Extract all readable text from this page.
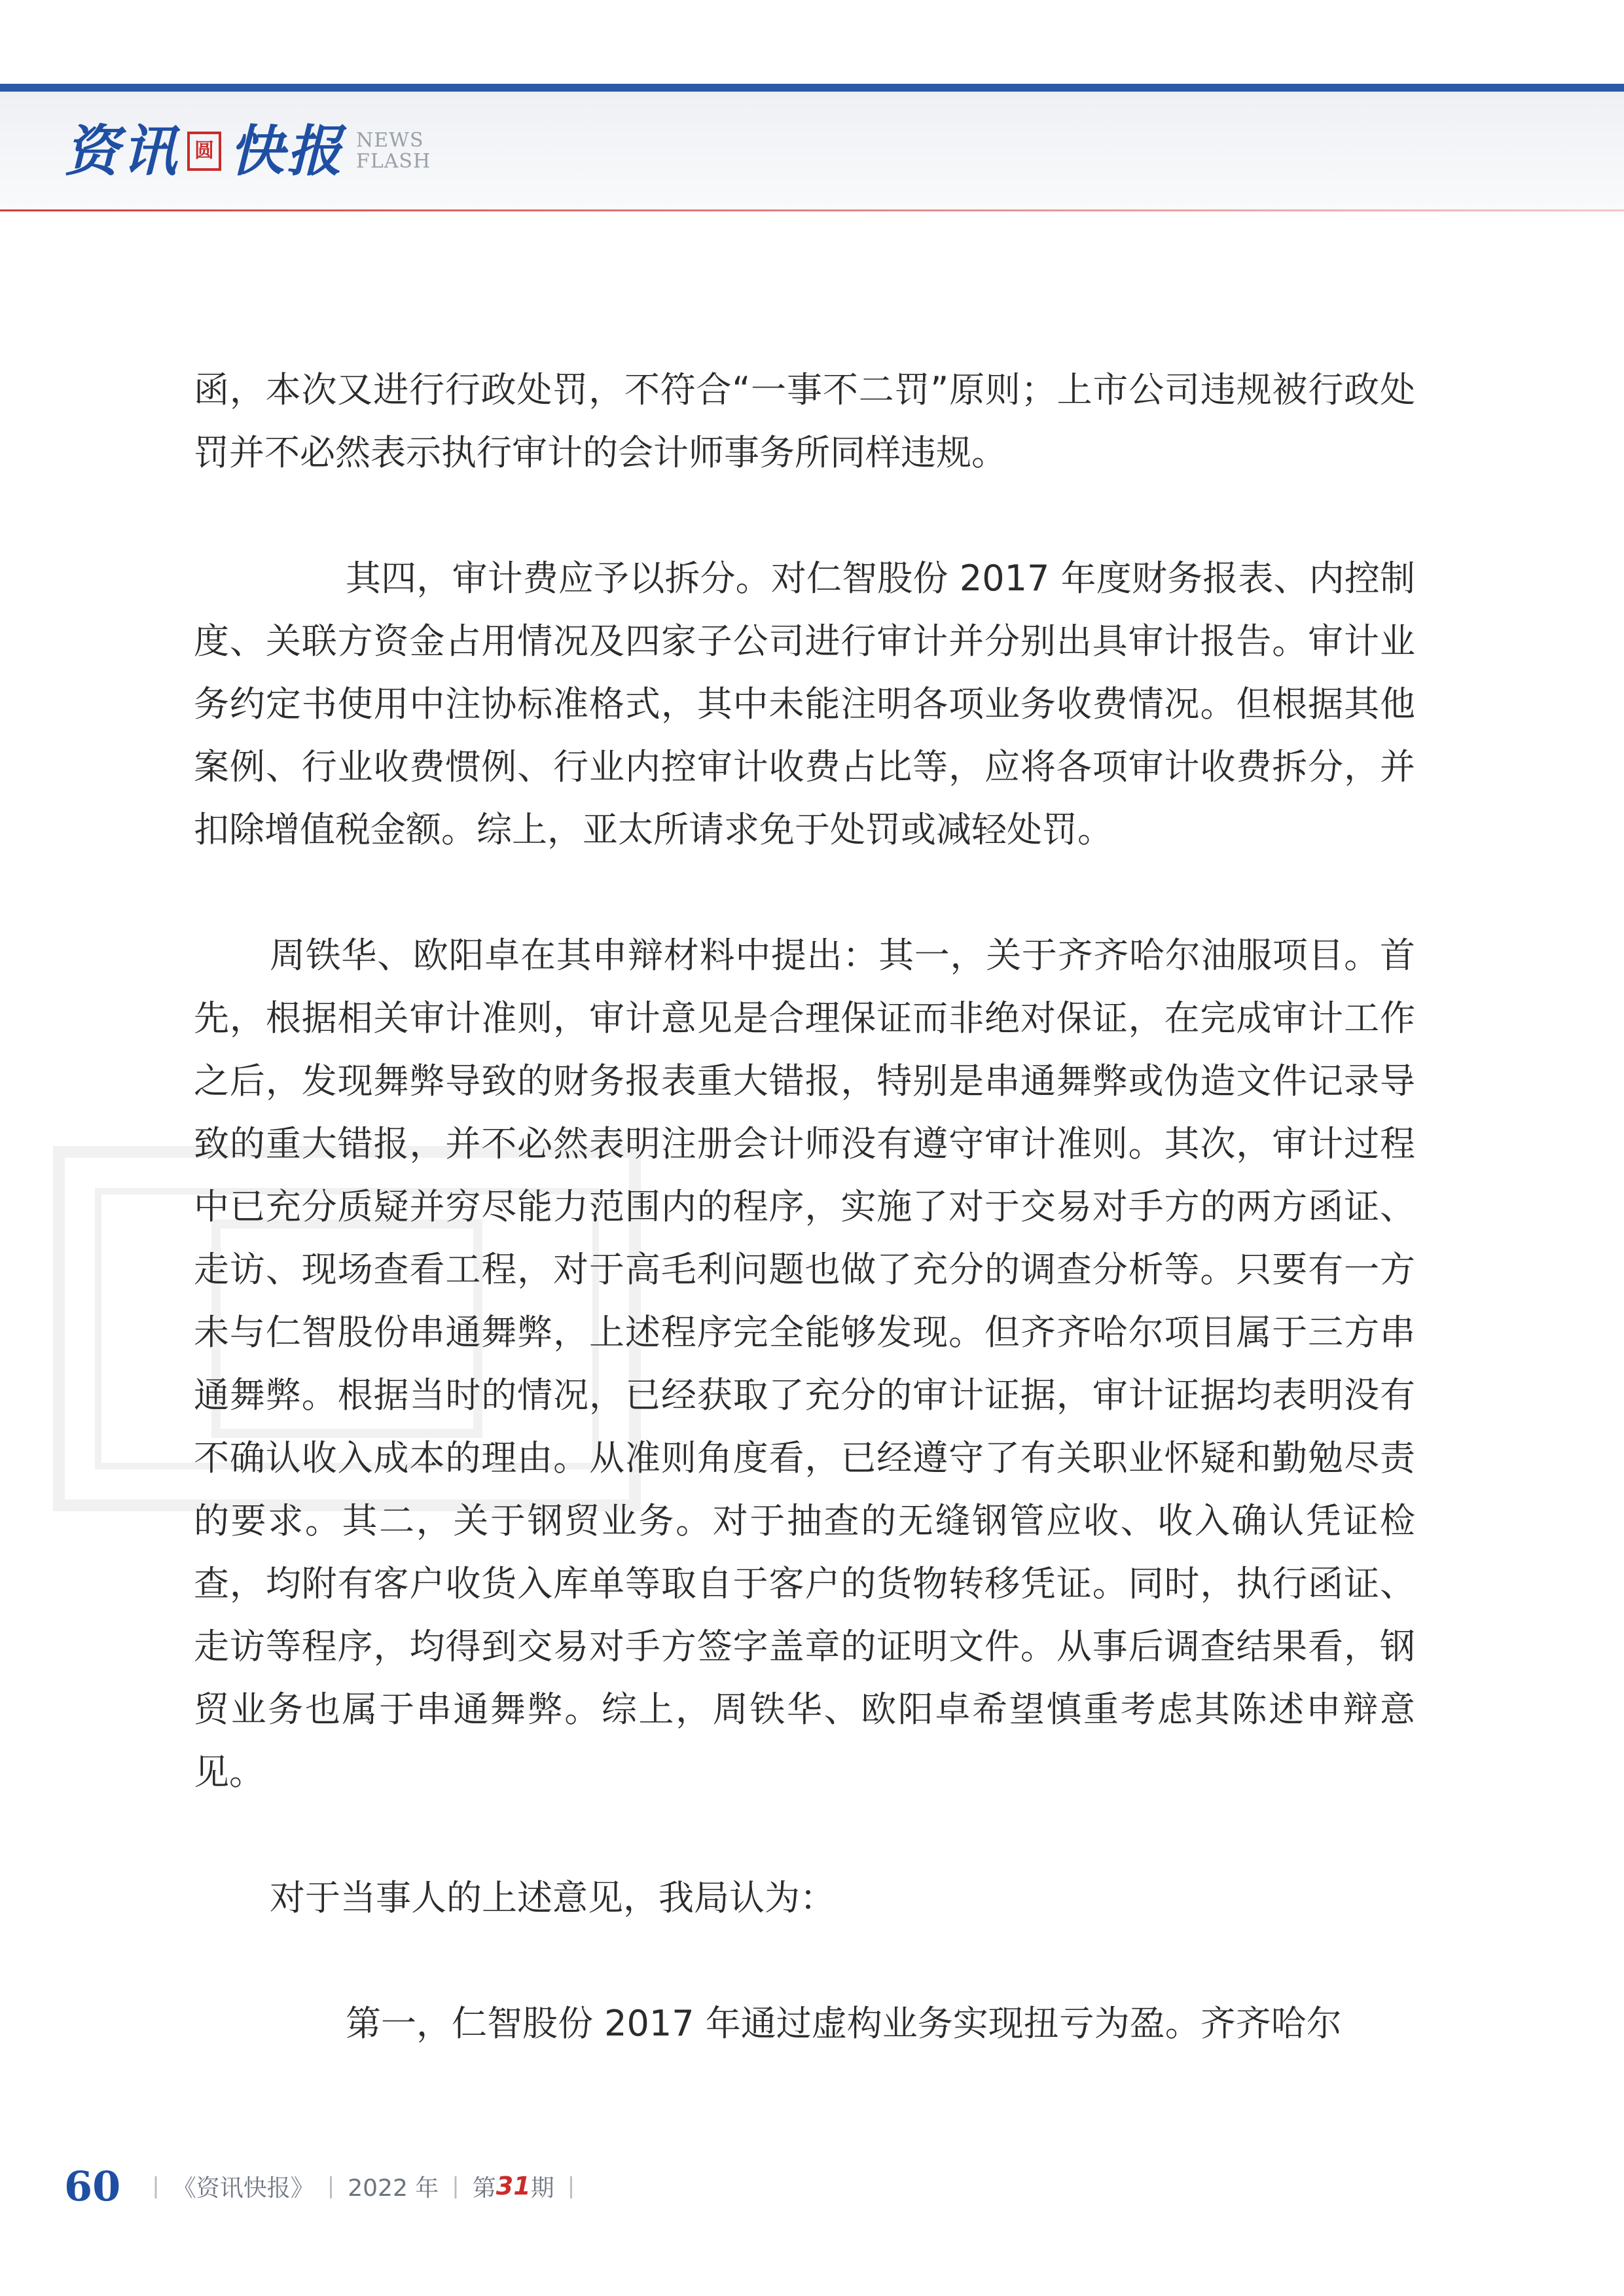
资讯 圆 快报 NEWS
FLASH

函，本次又进行行政处罚，不符合“一事不二罚”原则；上市公司违规被行政处罚并不必然表示执行审计的会计师事务所同样违规。

其四，审计费应予以拆分。对仁智股份 2017 年度财务报表、内控制度、关联方资金占用情况及四家子公司进行审计并分别出具审计报告。审计业务约定书使用中注协标准格式，其中未能注明各项业务收费情况。但根据其他案例、行业收费惯例、行业内控审计收费占比等，应将各项审计收费拆分，并扣除增值税金额。综上，亚太所请求免于处罚或减轻处罚。

周铁华、欧阳卓在其申辩材料中提出：其一，关于齐齐哈尔油服项目。首先，根据相关审计准则，审计意见是合理保证而非绝对保证，在完成审计工作之后，发现舞弊导致的财务报表重大错报，特别是串通舞弊或伪造文件记录导致的重大错报，并不必然表明注册会计师没有遵守审计准则。其次，审计过程中已充分质疑并穷尽能力范围内的程序，实施了对于交易对手方的两方函证、走访、现场查看工程，对于高毛利问题也做了充分的调查分析等。只要有一方未与仁智股份串通舞弊，上述程序完全能够发现。但齐齐哈尔项目属于三方串通舞弊。根据当时的情况，已经获取了充分的审计证据，审计证据均表明没有不确认收入成本的理由。从准则角度看，已经遵守了有关职业怀疑和勤勉尽责的要求。其二，关于钢贸业务。对于抽查的无缝钢管应收、收入确认凭证检查，均附有客户收货入库单等取自于客户的货物转移凭证。同时，执行函证、走访等程序，均得到交易对手方签字盖章的证明文件。从事后调查结果看，钢贸业务也属于串通舞弊。综上，周铁华、欧阳卓希望慎重考虑其陈述申辩意见。

对于当事人的上述意见，我局认为：

第一，仁智股份 2017 年通过虚构业务实现扭亏为盈。齐齐哈尔

60 | 《资讯快报》 | 2022 年 | 第 31 期 |
